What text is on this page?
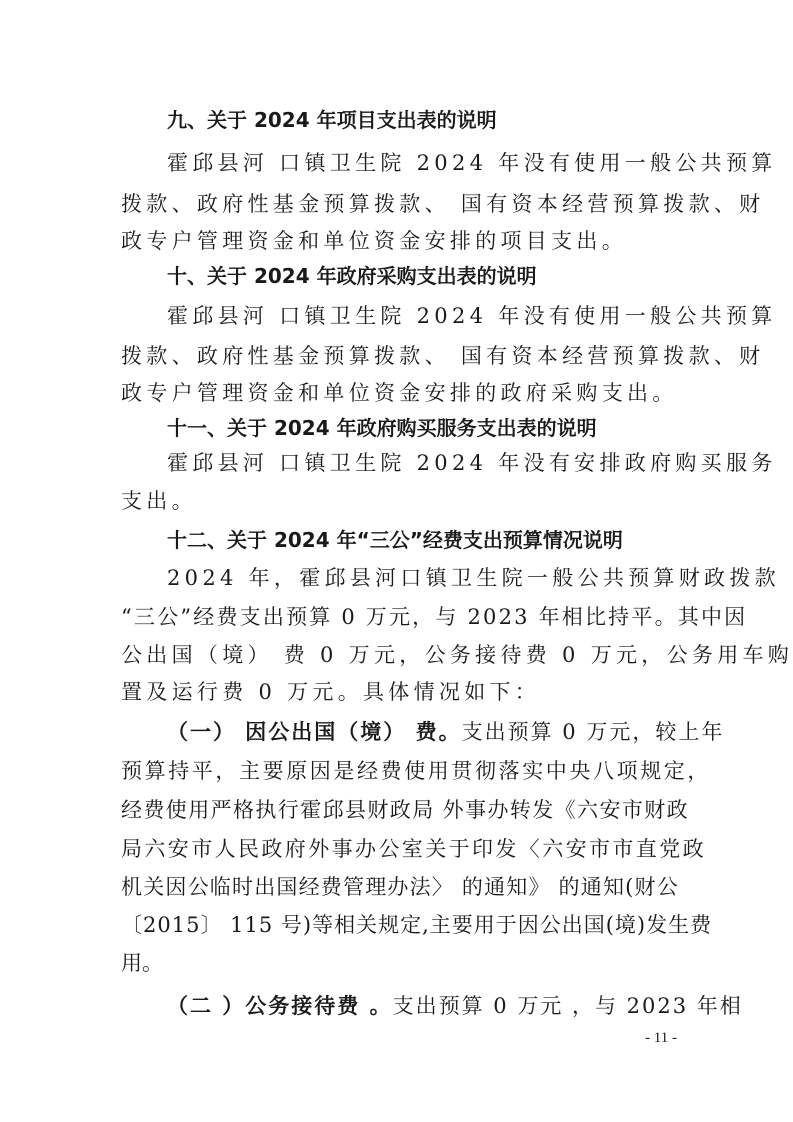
九、关于 2024 年项目支出表的说明
霍邱县河 口镇卫生院 2024 年没有使用一般公共预算
拨款、政府性基金预算拨款、 国有资本经营预算拨款、财
政专户管理资金和单位资金安排的项目支出。
十、关于 2024 年政府采购支出表的说明
霍邱县河 口镇卫生院 2024 年没有使用一般公共预算
拨款、政府性基金预算拨款、 国有资本经营预算拨款、财
政专户管理资金和单位资金安排的政府采购支出。
十一、关于 2024 年政府购买服务支出表的说明
霍邱县河 口镇卫生院 2024 年没有安排政府购买服务
支出。
十二、关于 2024 年“三公”经费支出预算情况说明
2024 年，霍邱县河口镇卫生院一般公共预算财政拨款
“三公”经费支出预算 0 万元，与 2023 年相比持平。其中因
公出国（境） 费 0 万元，公务接待费 0 万元，公务用车购
置及运行费 0 万元。具体情况如下：
（一） 因公出国（境） 费。支出预算 0 万元，较上年
预算持平，主要原因是经费使用贯彻落实中央八项规定，
经费使用严格执行霍邱县财政局 外事办转发《六安市财政
局六安市人民政府外事办公室关于印发〈六安市市直党政
机关因公临时出国经费管理办法〉 的通知》 的通知(财公
〔2015〕 115 号)等相关规定,主要用于因公出国(境)发生费
用。
（二 ）公务接待费 。支出预算 0 万元 ，与 2023 年相
- 11 -
